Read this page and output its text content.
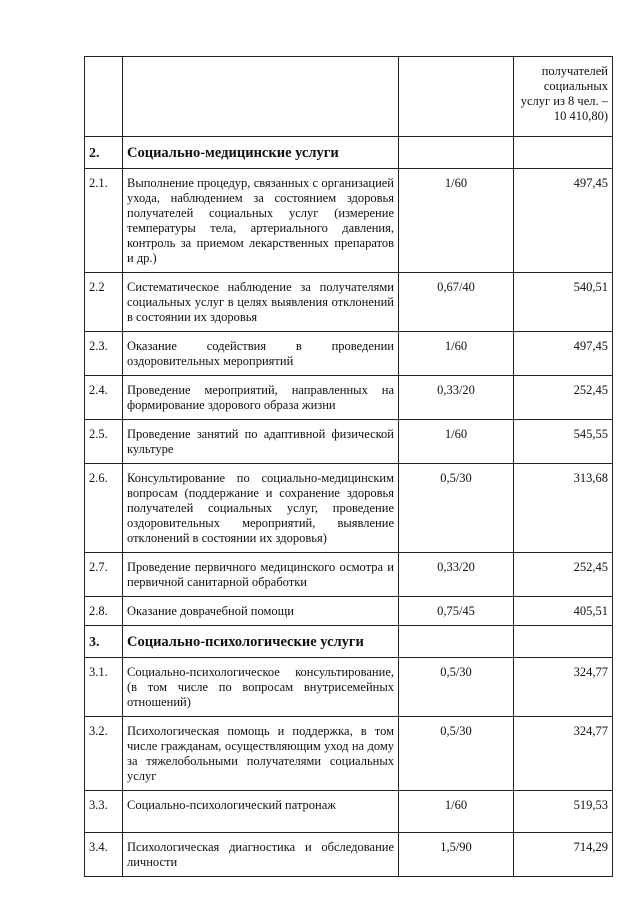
			получателей социальных услуг из 8 чел. – 10 410,80)
2.	Социально-медицинские услуги		
2.1.	Выполнение процедур, связанных с организацией ухода, наблюдением за состоянием здоровья получателей социальных услуг (измерение температуры тела, артериального давления, контроль за приемом лекарственных препаратов и др.)	1/60	497,45
2.2	Систематическое наблюдение за получателями социальных услуг в целях выявления отклонений в состоянии их здоровья	0,67/40	540,51
2.3.	Оказание содействия в проведении оздоровительных мероприятий	1/60	497,45
2.4.	Проведение мероприятий, направленных на формирование здорового образа жизни	0,33/20	252,45
2.5.	Проведение занятий по адаптивной физической культуре	1/60	545,55
2.6.	Консультирование по социально-медицинским вопросам (поддержание и сохранение здоровья получателей социальных услуг, проведение оздоровительных мероприятий, выявление отклонений в состоянии их здоровья)	0,5/30	313,68
2.7.	Проведение первичного медицинского осмотра и первичной санитарной обработки	0,33/20	252,45
2.8.	Оказание доврачебной помощи	0,75/45	405,51
3.	Социально-психологические услуги		
3.1.	Социально-психологическое консультирование, (в том числе по вопросам внутрисемейных отношений)	0,5/30	324,77
3.2.	Психологическая помощь и поддержка, в том числе гражданам, осуществляющим уход на дому за тяжелобольными получателями социальных услуг	0,5/30	324,77
3.3.	Социально-психологический патронаж	1/60	519,53
3.4.	Психологическая диагностика и обследование личности	1,5/90	714,29
